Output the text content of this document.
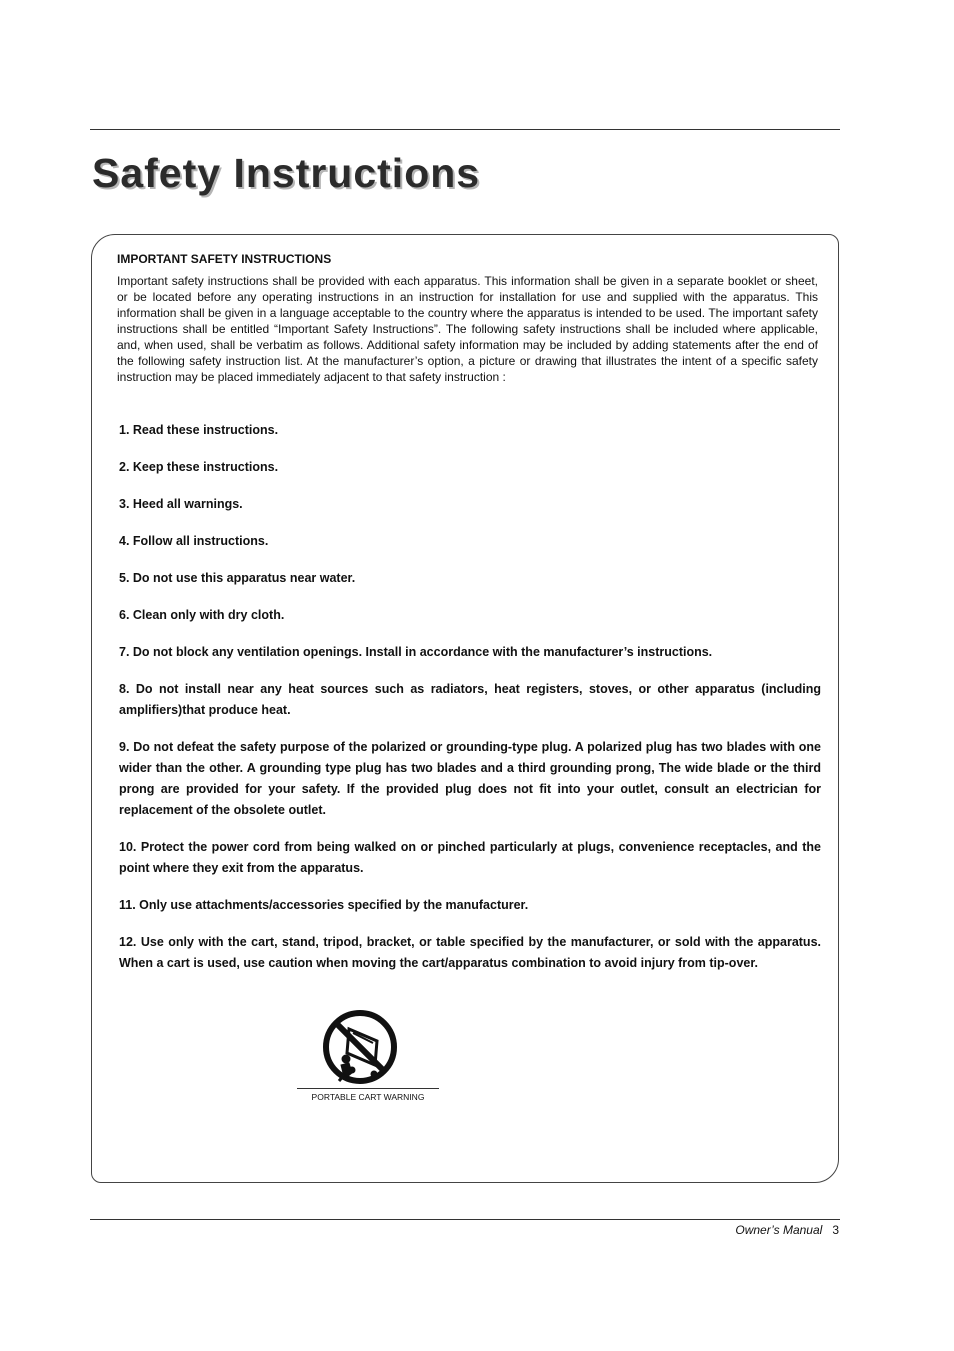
Safety Instructions
IMPORTANT SAFETY INSTRUCTIONS

Important safety instructions shall be provided with each apparatus. This information shall be given in a separate booklet or sheet, or be located before any operating instructions in an instruction for installation for use and supplied with the apparatus. This information shall be given in a language acceptable to the country where the apparatus is intended to be used. The important safety instructions shall be entitled “Important Safety Instructions”. The following safety instructions shall be included where applicable, and, when used, shall be verbatim as follows. Additional safety information may be included by adding statements after the end of the following safety instruction list. At the manufacturer’s option, a picture or drawing that illustrates the intent of a specific safety instruction may be placed immediately adjacent to that safety instruction :

1. Read these instructions.
2. Keep these instructions.
3. Heed all warnings.
4. Follow all instructions.
5. Do not use this apparatus near water.
6. Clean only with dry cloth.
7. Do not block any ventilation openings. Install in accordance with the manufacturer’s instructions.
8. Do not install near any heat sources such as radiators, heat registers, stoves, or other apparatus (including amplifiers)that produce heat.
9. Do not defeat the safety purpose of the polarized or grounding-type plug. A polarized plug has two blades with one wider than the other. A grounding type plug has two blades and a third grounding prong, The wide blade or the third prong are provided for your safety. If the provided plug does not fit into your outlet, consult an electrician for replacement of the obsolete outlet.
10. Protect the power cord from being walked on or pinched particularly at plugs, convenience receptacles, and the point where they exit from the apparatus.
11. Only use attachments/accessories specified by the manufacturer.
12. Use only with the cart, stand, tripod, bracket, or table specified by the manufacturer, or sold with the apparatus. When a cart is used, use caution when moving the cart/apparatus combination to avoid injury from tip-over.
PORTABLE CART WARNING
Owner’s Manual 3
